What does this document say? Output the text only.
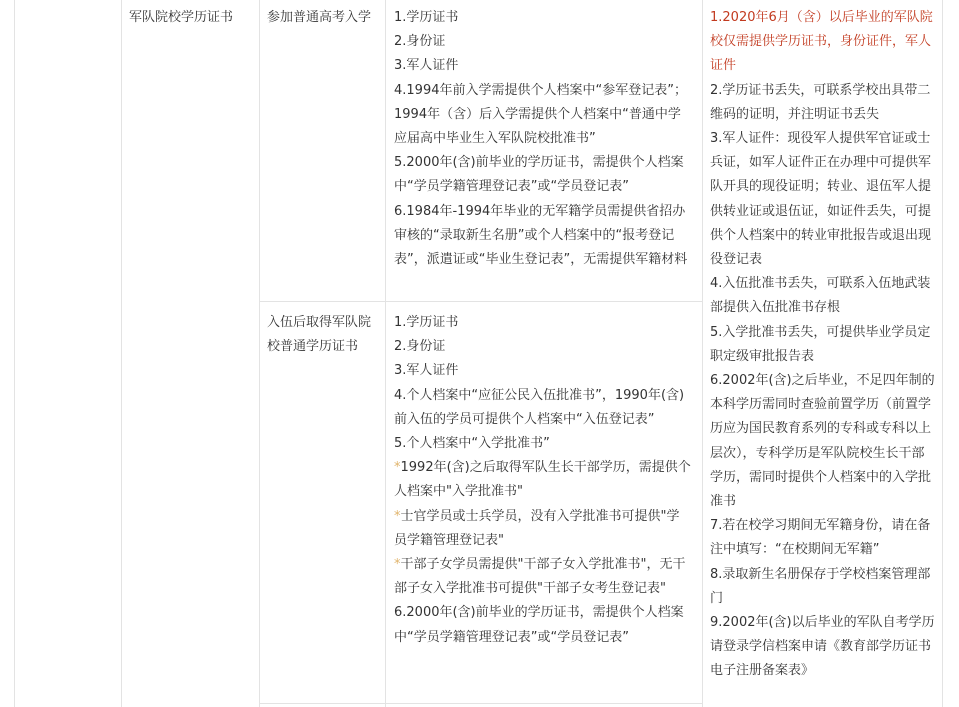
军队院校学历证书	参加普通高考入学 1.学历证书

2.身份证

3.军人证件

4.1994年前入学需提供个人档案中“参军登记表”；1994年（含）后入学需提供个人档案中“普通中学应届高中毕业生入军队院校批准书”

5.2000年(含)前毕业的学历证书，需提供个人档案中“学员学籍管理登记表”或“学员登记表”

6.1984年-1994年毕业的无军籍学员需提供省招办审核的“录取新生名册”或个人档案中的“报考登记表”，派遣证或“毕业生登记表”，无需提供军籍材料

入伍后取得军队院校普通学历证书

1.学历证书

2.身份证

3.军人证件

4.个人档案中“应征公民入伍批准书”，1990年(含)前入伍的学员可提供个人档案中“入伍登记表”

5.个人档案中“入学批准书”

*1992年(含)之后取得军队生长干部学历，需提供个人档案中"入学批准书"

*士官学员或士兵学员，没有入学批准书可提供"学员学籍管理登记表"

*干部子女学员需提供"干部子女入学批准书"，无干部子女入学批准书可提供"干部子女考生登记表"

6.2000年(含)前毕业的学历证书，需提供个人档案中“学员学籍管理登记表”或“学员登记表”

1.2020年6月（含）以后毕业的军队院校仅需提供学历证书，身份证件，军人证件

2.学历证书丢失，可联系学校出具带二维码的证明，并注明证书丢失

3.军人证件：现役军人提供军官证或士兵证，如军人证件正在办理中可提供军队开具的现役证明；转业、退伍军人提供转业证或退伍证，如证件丢失，可提供个人档案中的转业审批报告或退出现役登记表

4.入伍批准书丢失，可联系入伍地武装部提供入伍批准书存根

5.入学批准书丢失，可提供毕业学员定职定级审批报告表

6.2002年(含)之后毕业，不足四年制的本科学历需同时查验前置学历（前置学历应为国民教育系列的专科或专科以上层次），专科学历是军队院校生长干部学历，需同时提供个人档案中的入学批准书

7.若在校学习期间无军籍身份，请在备注中填写：“在校期间无军籍”

8.录取新生名册保存于学校档案管理部门

9.2002年(含)以后毕业的军队自考学历请登录学信档案申请《教育部学历证书电子注册备案表》
